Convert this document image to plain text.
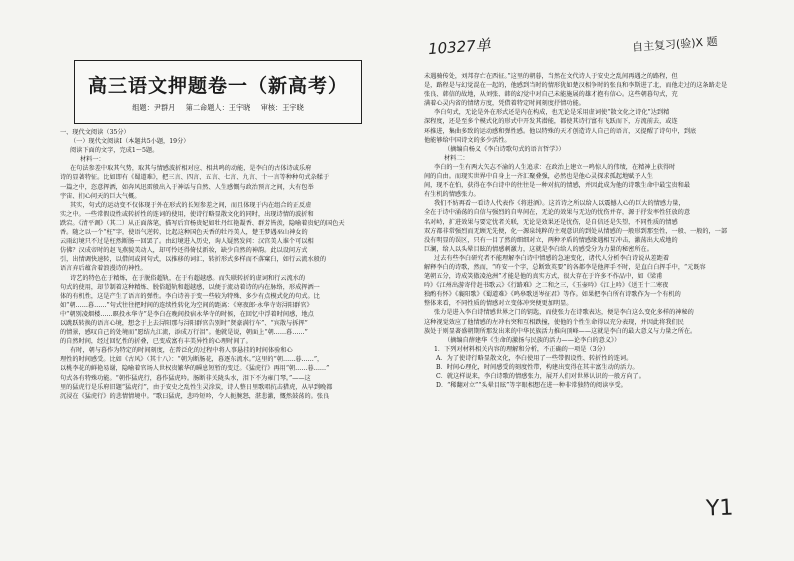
10327单	自主复习(验)X 题
Y1
高三语文押题卷一（新高考）
组题：尹群月 第二命题人：王宇晓 审核：王宇晓
一、现代文阅读（35分）
（一）现代文阅读Ⅰ（本题共5小题，19分）
阅读下面的文字，完成1～5题。
材料一：
在句法参差中取其气势，取其与情感波折相对应、相共鸣的动能，是李白的古体诗或乐府
诗的显著特征。比如即有《蜀道难》，把三言、四言、五言、七言、九言、十一言等种种句式杂糅于
一篇之中，恣意挥洒，如奔风迅雷般出入于神话与自然、人生感慨与政治预言之间，大有包举
宇宙、扪心问天的巨大气概。
其实，句式的运动变不仅体现于外在形式的长短参差之间，而且体现于内在组合的正反虚
实之中。一些常假设性或转折性的连词的使用，使诗行略显散文化的同时，出现诗情的波折和
跌宕。《清平调》（其二）从正面落笔，描写后宫杨贵妃如牡丹红艳凝香、群芳皆羡，隐喻着贵妃的国色天
香。随之以一个“枉”字，使语气逆转，比起这种国色天香的牡丹美人，楚王梦遇巫山神女的
云雨幻境只不过是枉然断肠一回罢了。由幻境进入历史，询人疑然发问：汉宫美人谁个可以相
仿佛？汉成帝时的赵飞燕貌美动人，却可怜还得倚仗新妆，缺少自然的神韵。此以设问方式
引，出情调快速转，以借问或问句式，以推移的词汇，转折形式多样而不落窠臼，如行云流水般的
语言弃后蕴含着浪漫诗的神性。
诗艺的特色在于精炼，在于脱俗超轨，在于有超越感。而失联转折的虚词和行云流水的
句式的使用，却节制着这种精炼、脱俗超轨和超越感，以便于流动着诗的内在脉络，形成挥洒一
体的有机性，这是产生了语言的弹性。李白诗善于变一些较为特殊、多少有点模式化的句式。比
如“朝……暮……”句式往往把时间的连续性转化为空间的距离：《寒夜郎·永华寺寄浔阳群官》
中“朝别凌烟楼……暝投永华寺”是李白在晚间投宿永华寺的时候，在回忆中浮着时间感，地点
以跳跃转换的语言心境，想念于上去浔阳那与浔阳群官告别时“贤豪满行车”、“宾散与拆挥”
的情景，感叹自己的处境而“愿结九江流，添成万行泪”。他就是说，朝面上“朝……暮……”
的自然时间，经过回忆性的折叠，已变成富有丰美异性的心理时间了。
有时，朝与暮作为特定的时间刻度，在普泛化的过程中将人事悬挂的时间体验和心
理性的时间感受。比如《古风》（其十八）：“朝为断肠花，暮逐东流水。”这里的“朝……暮……”，
以桃李花的鲜艳易谢，隐喻着官场人世权贵繁华的瞬息短暂的变迁。《猛虎行》再用“朝……暮……”
句式各有特殊功能。“朝作猛虎行，暮作猛虎吟。肠断非关陇头水，泪下不为雍门琴。”——这
里的猛虎行是乐府旧题“猛虎行”，由于安史之乱性生灵涂炭，诗人整日里歌唱抗击猎虎，从早到晚都
沉浸在《猛虎行》的悲情情境中。“歌曰猛虎，悲吟短吟，令人扼腕怒，湛悲激，慨然鼓荡的。张良
未遇骑传处，刘邦存亡在西征。”这里的朝暮，当然在文代诗人于安史之乱间再遇之的路程，但
是，路程是与幻觉混在一起的，他感到当时的情形犹如楚汉相争时的张良和李斯进了北，而他走过的这条路走是
张良、韩信的故地，从刘张、韩的幻觉中对自己未能施展的雄才抱有信心。这些朝暮句式，充
满着心灵内省的情绪方度，凭借着特定时间刻度抒情功能。
李白句式，无论是外在形式还是内在构成，也无论是采用虚词使“散文化之诗化”达到精
深程度，还是至多个模式化的形式中开发其潜能，都使其诗行富有飞跃而下，方流前去，或连
环推进，集曲多致的运动感和弹性感。他以特殊的天才创造诗人自己的语言，又提醒了诗句中，到底
他能够给中国诗文的多少活性。
（摘编自杨义《李白诗歌句式的语言哲学》）
材料二：
李白的一生有两大矢志不渝的人生追求：在政治上建立一鸣惊人的伟绩，在精神上获得时
间的自由。而现实世界中自身上一齐汇聚叠强，必然也是他心灵探求孤起地赋予人生
间，现不在怕，获得在李白诗中的往往是一种对抗的情感，并因此成为他的诗歌生命中最宝贵和最
有生机的情感张力。
我们不妨再看一看诗人代表作《将进酒》。这首诗之所以给人以震撼人心的巨大的情感力量，
全在于诗中涌荡的自信与强烈的自卑间在，无论的效果与无边的忧伤并存，源于抒发率性狂放的意
名对峙，扩进效果与要定忧者关联，无论是效果还是忧伤，是自信还是失望，不同性质的情感
双方都非常强烈而无顾无先便，化一源泉纯粹的主观意识的到处从情感的一般形到那至性，一般、一般的，一部
没有明显的误区，只有一目了然的细细对立，两种矛盾的情感缘遇相互冲击，激荡出大成地的
巨澜，给人以头晕目眩的情感刺激力，这就是李白给人的感受分为力量的秘密所在。
过去有些李白研究者不能理解李白诗中情感的急速变化，诸代人分析李白诗说从差距着
解释李白的诗歌，然而，“昨安一个字，总断致英要”的各都李是他挥手不时，是直白白挥手中，“元既容
笔朝五分，诗成笑傲凌沧洲”才能是他的真实方式，很大存在于许多不作品中，如《梁甫
吟》《江州出游寄侍赶书歌云》《行路难》之二和之三，《玉壶吟》《江上吟》《送王十二寒夜
独酌有怀》《襄阳歌》《蜀道难》《鸣皋歌送岑征君》等作。如果把李白所有诗歌作为一个有机的
整体来看，不同性质的情感对立变体冲突便更加明显。
张力是进入李白诗情感世界之门的钥匙，而使张力在诗歌表达，便是李白这么变化多样的神秘的
这种视觉效应了他情感的左冲右突和互相跌撞，使他的个性生命得以充分表现，并因此将我们民
族处于则显著盛朝期所那发出来的中华民族活力推向顶峰——这就是李白的最大意义与力量之所在。
（摘编自薛建华《生命的激扬与民族的活力——论李白的意义》）
1．下列对材料相关内容的理解和分析，不正确的一项是（3分）
A．为了使诗行略显散文化，李白使用了一些带假设性、转折性的连词。
B．时间心理化，时间感受的刻度性带，构建出变得在其丰富生动的活力。
C．就这样说来，李白诗歌的情感张力，展开人们对世界认识的一般方向了。
D．“稀翻对立”“头晕目眩”等字眼相想在进一种非常独特的阅读享受。
